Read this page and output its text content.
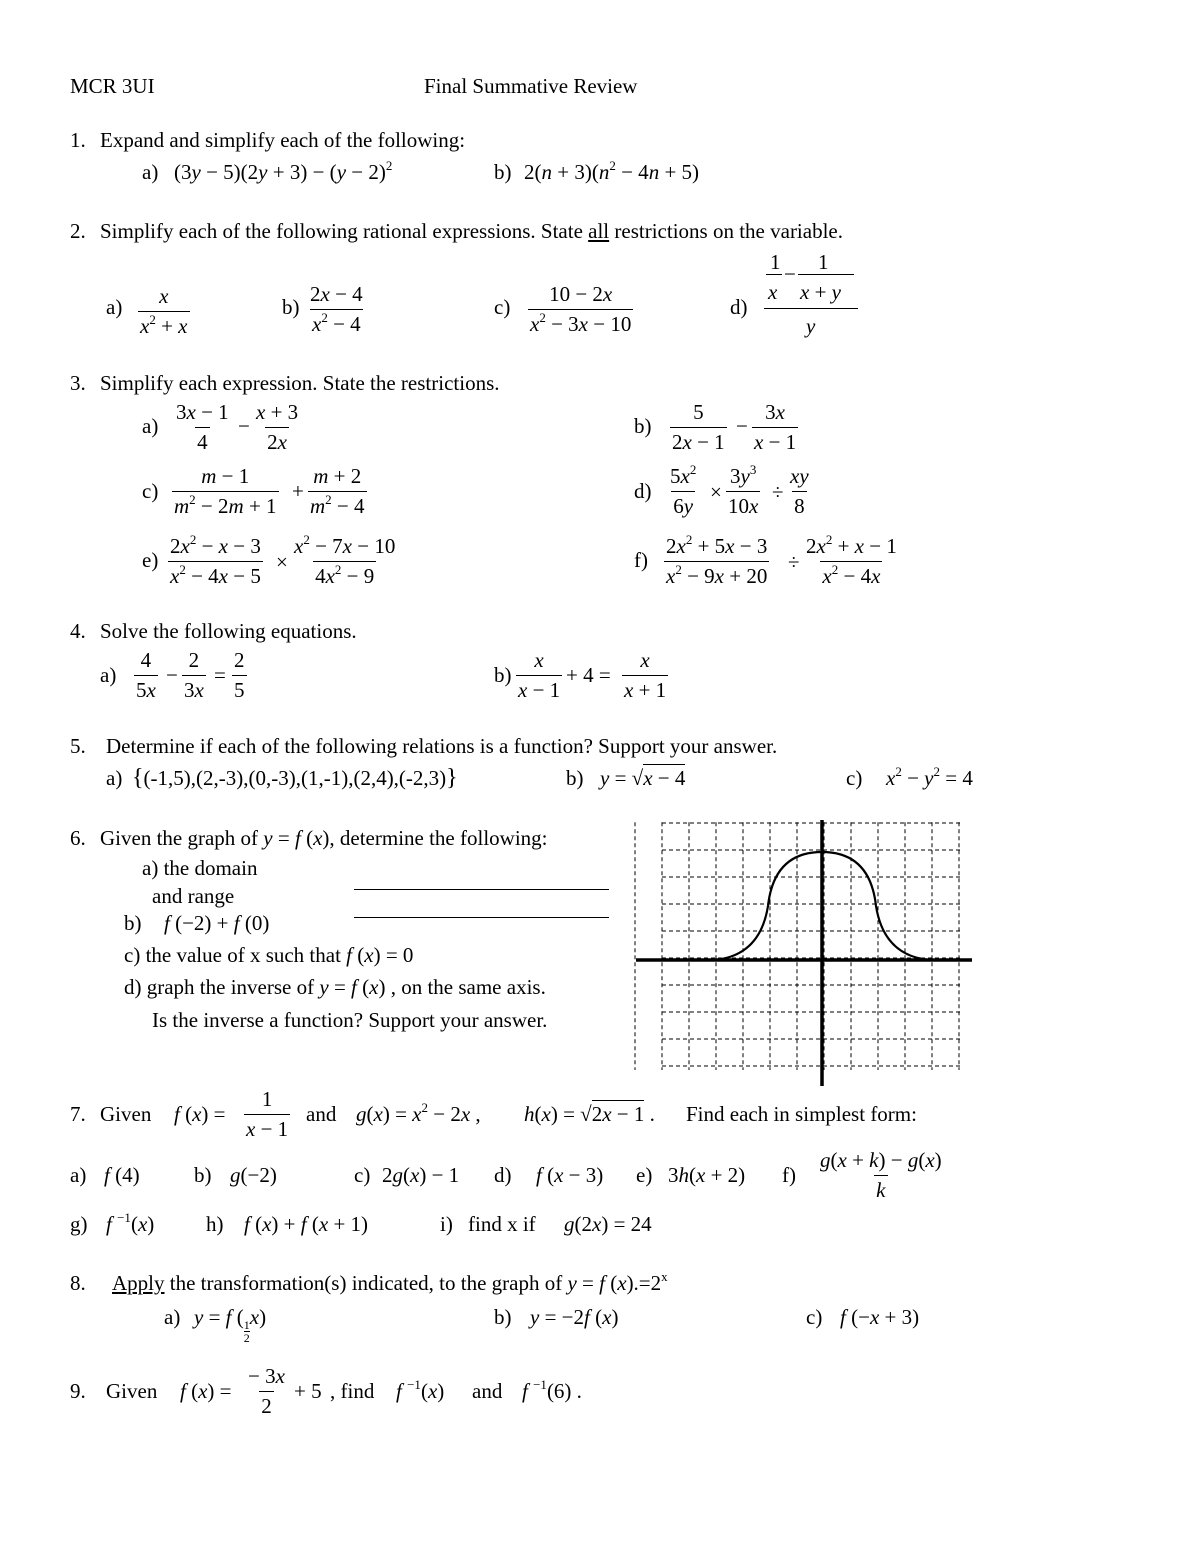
MCR 3UI	Final Summative Review
1. Expand and simplify each of the following:
a) $(3y - 5)(2y + 3) - (y - 2)^2$	b) $2(n + 3)(n^2 - 4n + 5)$
2. Simplify each of the following rational expressions. State all restrictions on the variable.
a) x
$x^2 + x$
b)
2x − 4
$x^2 - 4$
c)
10 − 2x
$x^2 - 3x - 10$
d)
1
x
− 1
x + y
y
3. Simplify each expression. State the restrictions.
a)
3x − 1
4
−
x + 3
2x
b)
5
2x − 1
−
3x
x − 1
c)
m − 1
$m^2 - 2m + 1$
+
m + 2
$m^2 - 4$
d)
$5x^2$
6y
×
$3y^3$
10x
÷
xy
8
e)
$2x^2 - x - 3$
$x^2 - 4x - 5$
×
$x^2 - 7x - 10$
$4x^2 - 9$
f)
$2x^2 + 5x - 3$
$x^2 - 9x + 20$
÷
$2x^2 + x - 1$
$x^2 - 4x$
4. Solve the following equations.
a)
4
5x
−
2
3x
=
2
5
b)
x
x − 1
+ 4 =
x
x + 1
5. Determine if each of the following relations is a function? Support your answer.
a) {(-1,5),(2,-3),(0,-3),(1,-1),(2,4),(-2,3)}	b) y = √x − 4	c) $x^2 - y^2 = 4$
6. Given the graph of y = f (x), determine the following:
a) the domain
and range
b) f (−2) + f (0)
c) the value of x such that f (x) = 0
d) graph the inverse of y = f (x) , on the same axis.
Is the inverse a function? Support your answer.
7. Given f (x) =
1
x − 1
and $g(x) = x^2 - 2x$ , h(x) = √2x − 1 . Find each in simplest form:
a) f (4)	b) g(−2)	c) 2g(x) − 1 d) f (x − 3) e) 3h(x + 2) f)
g(x + k) − g(x)
k
g) f $^{-1}$(x) h) f (x) + f (x + 1)	i) find x if g(2x) = 24
8. Apply the transformation(s) indicated, to the graph of y = f $(x).=2^x$
a) y = f (
$\frac{1}{2}$
x)	b) y = −2f (x)	c) f (−x + 3)
9. Given f (x) =
− 3x
2
+ 5 , find f $^{-1}$(x) and f $^{-1}$(6) .
